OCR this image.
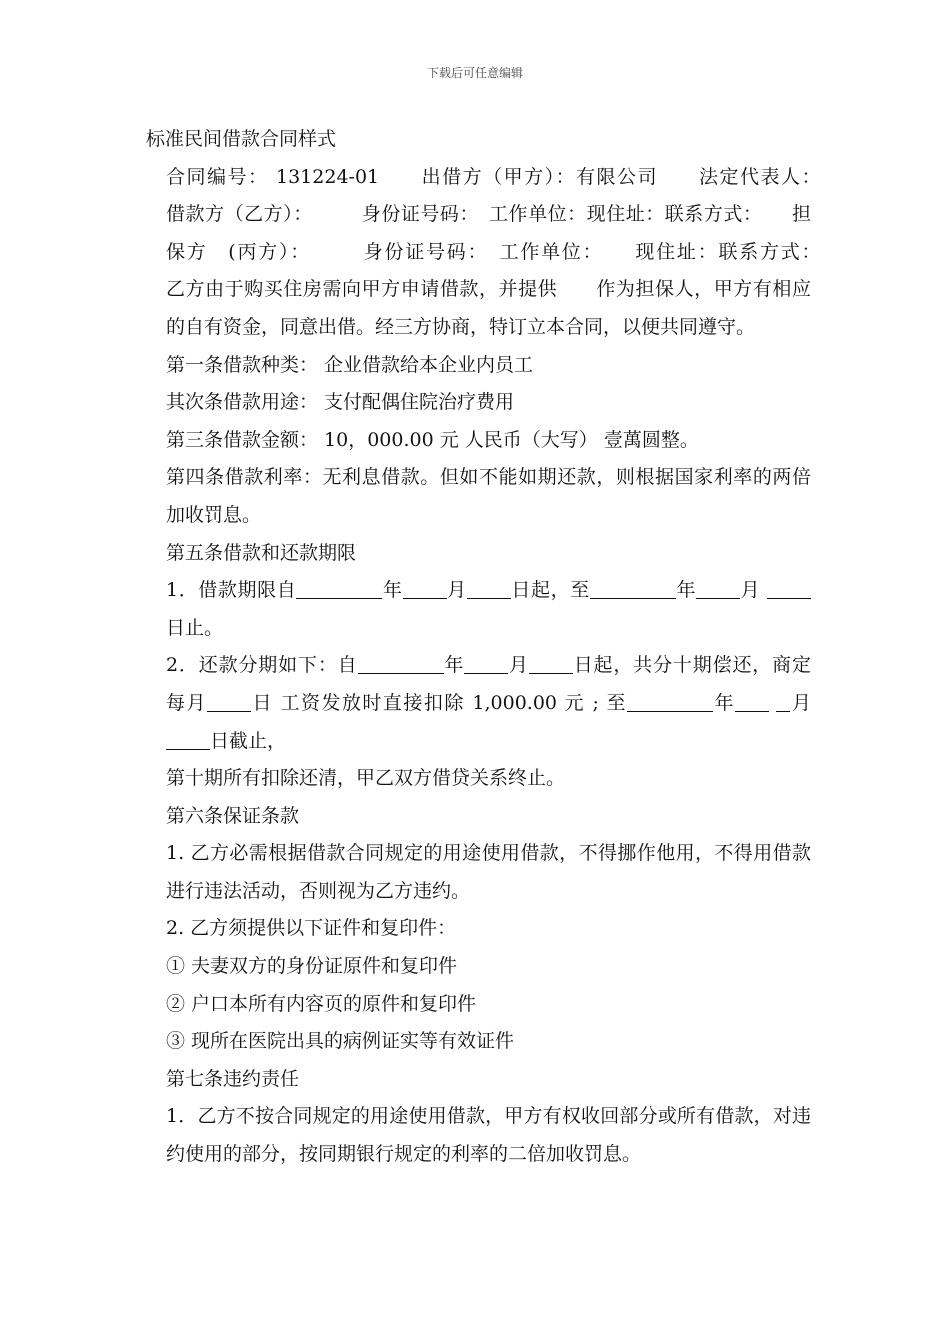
下载后可任意编辑

标准民间借款合同样式

合同编号： 131224-01　　出借方（甲方）：有限公司　　法定代表人：　　　借款方（乙方）：　　　身份证号码：　工作单位：现住址：联系方式：　　担保方　(丙方）：　　　身份证号码：　工作单位：　　现住址：联系方式：　　　乙方由于购买住房需向甲方申请借款，并提供　　作为担保人，甲方有相应的自有资金，同意出借。经三方协商，特订立本合同，以便共同遵守。

第一条借款种类： 企业借款给本企业内员工

其次条借款用途： 支付配偶住院治疗费用

第三条借款金额： 10，000.00 元 人民币（大写） 壹萬圆整。

第四条借款利率：无利息借款。但如不能如期还款，则根据国家利率的两倍加收罚息。

第五条借款和还款期限

1．借款期限自	年 月 日起，至	年 月 日止。

2．还款分期如下：自	年 月 日起，共分十期偿还，商定 每月 日 工资发放时直接扣除 1,000.00 元 ; 至	年	月日截止，

第十期所有扣除还清，甲乙双方借贷关系终止。

第六条保证条款

1. 乙方必需根据借款合同规定的用途使用借款，不得挪作他用，不得用借款进行违法活动，否则视为乙方违约。

2. 乙方须提供以下证件和复印件：

① 夫妻双方的身份证原件和复印件

② 户口本所有内容页的原件和复印件

③ 现所在医院出具的病例证实等有效证件

第七条违约责任

1．乙方不按合同规定的用途使用借款，甲方有权收回部分或所有借款，对违约使用的部分，按同期银行规定的利率的二倍加收罚息。
